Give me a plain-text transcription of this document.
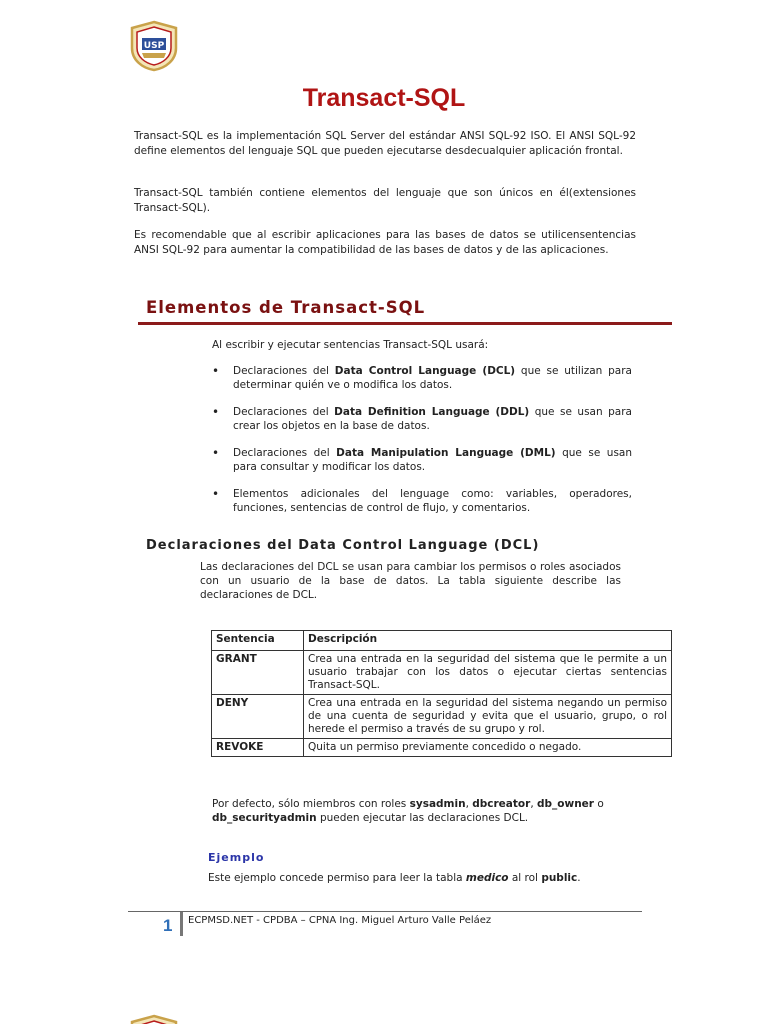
USP
Transact-SQL

Transact-SQL es la implementación SQL Server del estándar ANSI SQL-92 ISO. El ANSI SQL-92 define elementos del lenguaje SQL que pueden ejecutarse desdecualquier aplicación frontal.

Transact-SQL también contiene elementos del lenguaje que son únicos en él(extensiones Transact-SQL).

Es recomendable que al escribir aplicaciones para las bases de datos se utilicensentencias ANSI SQL-92 para aumentar la compatibilidad de las bases de datos y de las aplicaciones.

Elementos de Transact-SQL
Al escribir y ejecutar sentencias Transact-SQL usará:
• Declaraciones del Data Control Language (DCL) que se utilizan para determinar quién ve o modifica los datos.
• Declaraciones del Data Definition Language (DDL) que se usan para crear los objetos en la base de datos.
• Declaraciones del Data Manipulation Language (DML) que se usan para consultar y modificar los datos.
• Elementos adicionales del lenguage como: variables, operadores, funciones, sentencias de control de flujo, y comentarios.
Declaraciones del Data Control Language (DCL)

Las declaraciones del DCL se usan para cambiar los permisos o roles asociados con un usuario de la base de datos. La tabla siguiente describe las declaraciones de DCL.

Sentencia	Descripción
GRANT	Crea una entrada en la seguridad del sistema que le permite a un usuario trabajar con los datos o ejecutar ciertas sentencias Transact-SQL.
DENY	Crea una entrada en la seguridad del sistema negando un permiso de una cuenta de seguridad y evita que el usuario, grupo, o rol herede el permiso a través de su grupo y rol.
REVOKE	Quita un permiso previamente concedido o negado.

Por defecto, sólo miembros con roles sysadmin, dbcreator, db_owner o db_securityadmin pueden ejecutar las declaraciones DCL.

Ejemplo

Este ejemplo concede permiso para leer la tabla medico al rol public.

1 ECPMSD.NET - CPDBA – CPNA Ing. Miguel Arturo Valle Peláez
